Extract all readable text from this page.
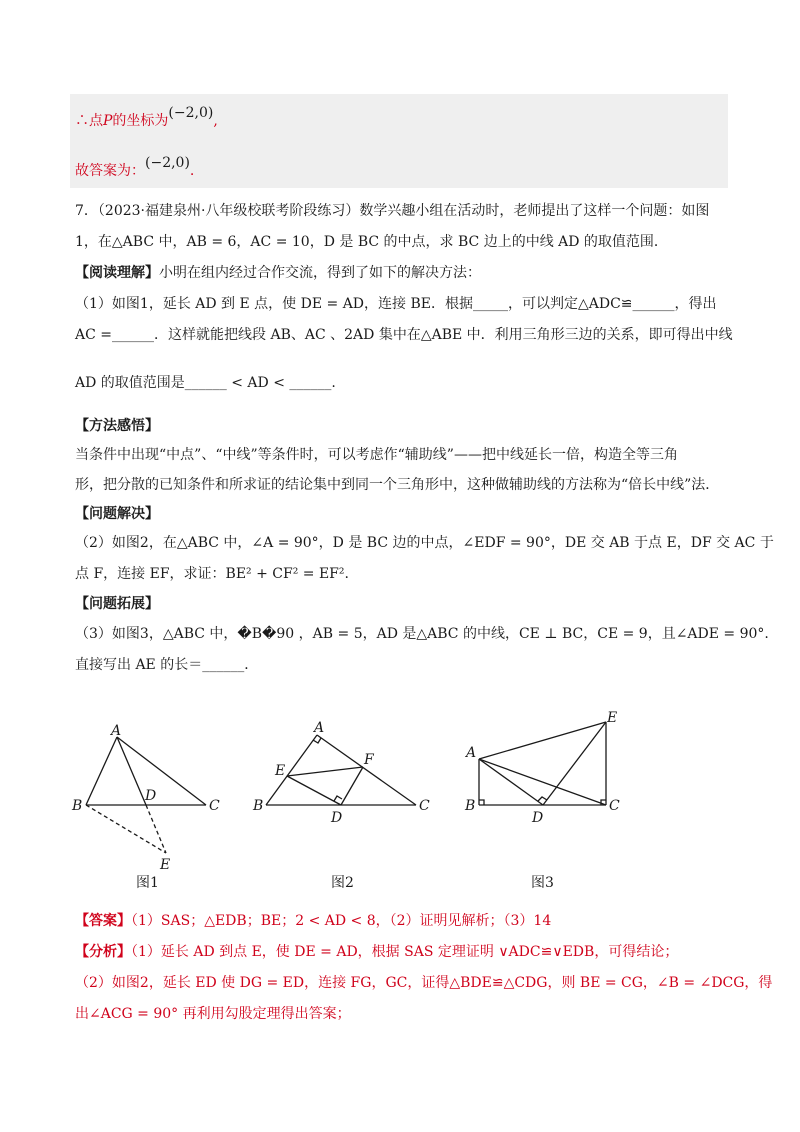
∴点P的坐标为(−2,0),
故答案为：(−2,0).
7．（2023·福建泉州·八年级校联考阶段练习）数学兴趣小组在活动时，老师提出了这样一个问题：如图
1，在△ABC 中，AB = 6，AC = 10，D 是 BC 的中点，求 BC 边上的中线 AD 的取值范围．
【阅读理解】小明在组内经过合作交流，得到了如下的解决方法：
（1）如图1，延长 AD 到 E 点，使 DE = AD，连接 BE．根据_____，可以判定△ADC≌______，得出
AC =______．这样就能把线段 AB、AC 、2AD 集中在△ABE 中．利用三角形三边的关系，即可得出中线
AD 的取值范围是______ < AD < ______.
【方法感悟】
当条件中出现“中点”、“中线”等条件时，可以考虑作“辅助线”——把中线延长一倍，构造全等三角
形，把分散的已知条件和所求证的结论集中到同一个三角形中，这种做辅助线的方法称为“倍长中线”法．
【问题解决】
（2）如图2，在△ABC 中，∠A = 90°，D 是 BC 边的中点，∠EDF = 90°，DE 交 AB 于点 E，DF 交 AC 于
点 F，连接 EF，求证：BE² + CF² = EF².
【问题拓展】
（3）如图3，△ABC 中，�B�90 ，AB = 5，AD 是△ABC 的中线，CE ⊥ BC，CE = 9，且∠ADE = 90°.
直接写出 AE 的长＝______．
A
B	C
D
E
图1
A
B	C
D
E
F
图2
A
B	C
D
E
图3
【答案】（1）SAS；△EDB；BE；2 < AD < 8，（2）证明见解析；（3）14
【分析】（1）延长 AD 到点 E，使 DE = AD，根据 SAS 定理证明 ∨ADC≌∨EDB，可得结论；
（2）如图2，延长 ED 使 DG = ED，连接 FG，GC，证得△BDE≌△CDG，则 BE = CG，∠B = ∠DCG，得
出∠ACG = 90° 再利用勾股定理得出答案；
